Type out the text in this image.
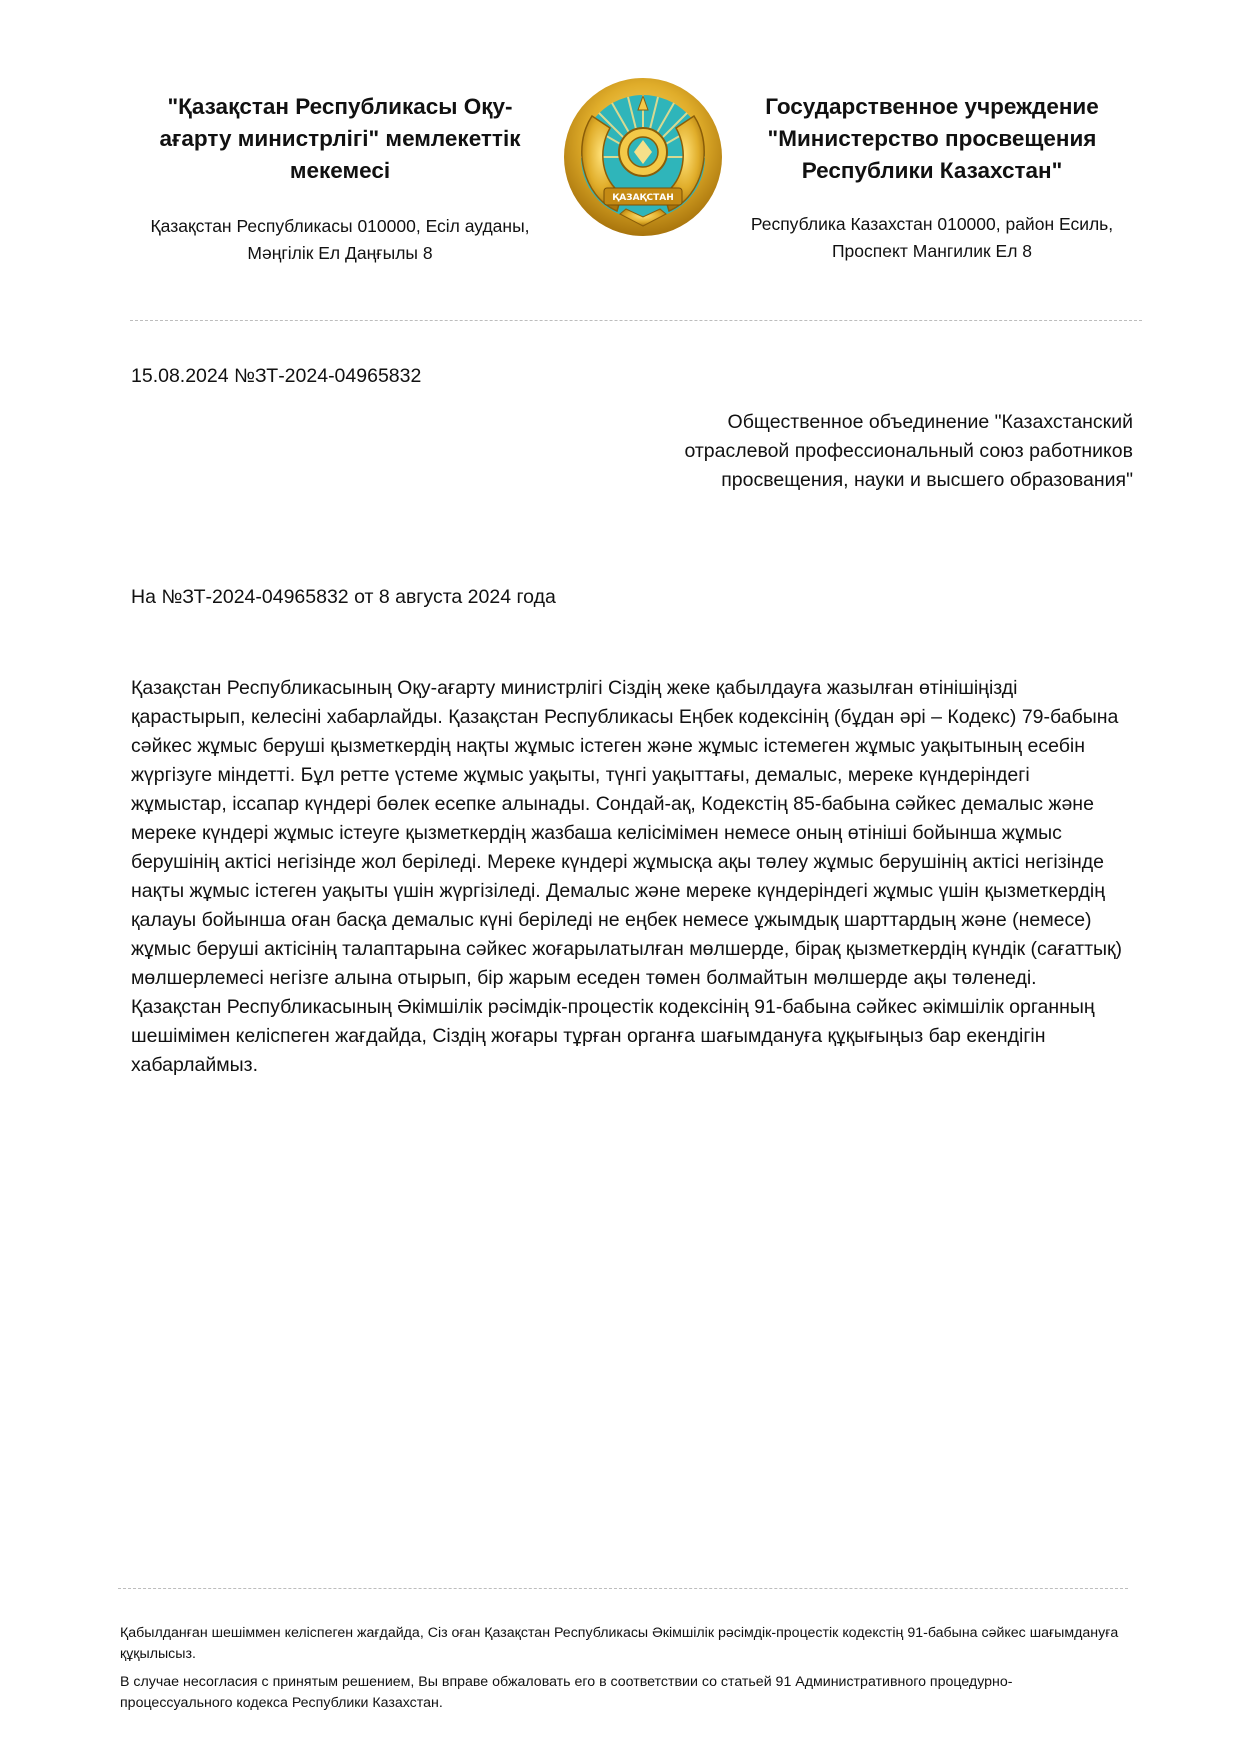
"Қазақстан Республикасы Оқу-ағарту министрлігі" мемлекеттік мекемесі
Қазақстан Республикасы 010000, Есіл ауданы, Мәңгілік Ел Даңғылы 8
ҚАЗАҚСТАН
Государственное учреждение "Министерство просвещения Республики Казахстан"
Республика Казахстан 010000, район Есиль, Проспект Мангилик Ел 8
15.08.2024 №ЗТ-2024-04965832
Общественное объединение "Казахстанский отраслевой профессиональный союз работников просвещения, науки и высшего образования"
На №ЗТ-2024-04965832 от 8 августа 2024 года
Қазақстан Республикасының Оқу-ағарту министрлігі Сіздің жеке қабылдауға жазылған өтінішіңізді қарастырып, келесіні хабарлайды. Қазақстан Республикасы Еңбек кодексінің (бұдан әрі – Кодекс) 79-бабына сәйкес жұмыс беруші қызметкердің нақты жұмыс істеген және жұмыс істемеген жұмыс уақытының есебін жүргізуге міндетті. Бұл ретте үстеме жұмыс уақыты, түнгі уақыттағы, демалыс, мереке күндеріндегі жұмыстар, іссапар күндері бөлек есепке алынады. Сондай-ақ, Кодекстің 85-бабына сәйкес демалыс және мереке күндері жұмыс істеуге қызметкердің жазбаша келісімімен немесе оның өтініші бойынша жұмыс берушінің актісі негізінде жол беріледі. Мереке күндері жұмысқа ақы төлеу жұмыс берушінің актісі негізінде нақты жұмыс істеген уақыты үшін жүргізіледі. Демалыс және мереке күндеріндегі жұмыс үшін қызметкердің қалауы бойынша оған басқа демалыс күні беріледі не еңбек немесе ұжымдық шарттардың және (немесе) жұмыс беруші актісінің талаптарына сәйкес жоғарылатылған мөлшерде, бірақ қызметкердің күндік (сағаттық) мөлшерлемесі негізге алына отырып, бір жарым еседен төмен болмайтын мөлшерде ақы төленеді. Қазақстан Республикасының Әкімшілік рәсімдік-процестік кодексінің 91-бабына сәйкес әкімшілік органның шешімімен келіспеген жағдайда, Сіздің жоғары тұрған органға шағымдануға құқығыңыз бар екендігін хабарлаймыз.

Қабылданған шешіммен келіспеген жағдайда, Сіз оған Қазақстан Республикасы Әкімшілік рәсімдік-процестік кодекстің 91-бабына сәйкес шағымдануға құқылысыз.

В случае несогласия с принятым решением, Вы вправе обжаловать его в соответствии со статьей 91 Административного процедурно-процессуального кодекса Республики Казахстан.
